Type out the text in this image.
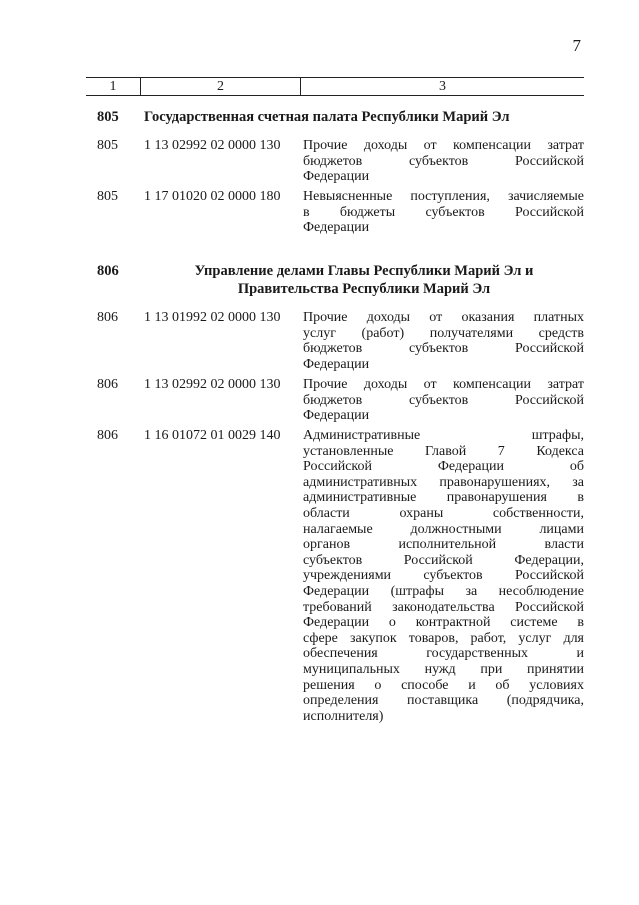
7
1	2	3
805 Государственная счетная палата Республики Марий Эл
805	1 13 02992 02 0000 130	Прочие доходы от компенсации затрат
бюджетов субъектов Российской
Федерации
805	1 17 01020 02 0000 180	Невыясненные поступления, зачисляемые
в бюджеты субъектов Российской
Федерации
806	Управление делами Главы Республики Марий Эл и
Правительства Республики Марий Эл
806	1 13 01992 02 0000 130	Прочие доходы от оказания платных
услуг (работ) получателями средств
бюджетов субъектов Российской
Федерации
806	1 13 02992 02 0000 130	Прочие доходы от компенсации затрат
бюджетов субъектов Российской
Федерации
806	1 16 01072 01 0029 140	Административные штрафы,
установленные Главой 7 Кодекса
Российской Федерации об
административных правонарушениях, за
административные правонарушения в
области охраны собственности,
налагаемые должностными лицами
органов исполнительной власти
субъектов Российской Федерации,
учреждениями субъектов Российской
Федерации (штрафы за несоблюдение
требований законодательства Российской
Федерации о контрактной системе в
сфере закупок товаров, работ, услуг для
обеспечения государственных и
муниципальных нужд при принятии
решения о способе и об условиях
определения поставщика (подрядчика,
исполнителя)
